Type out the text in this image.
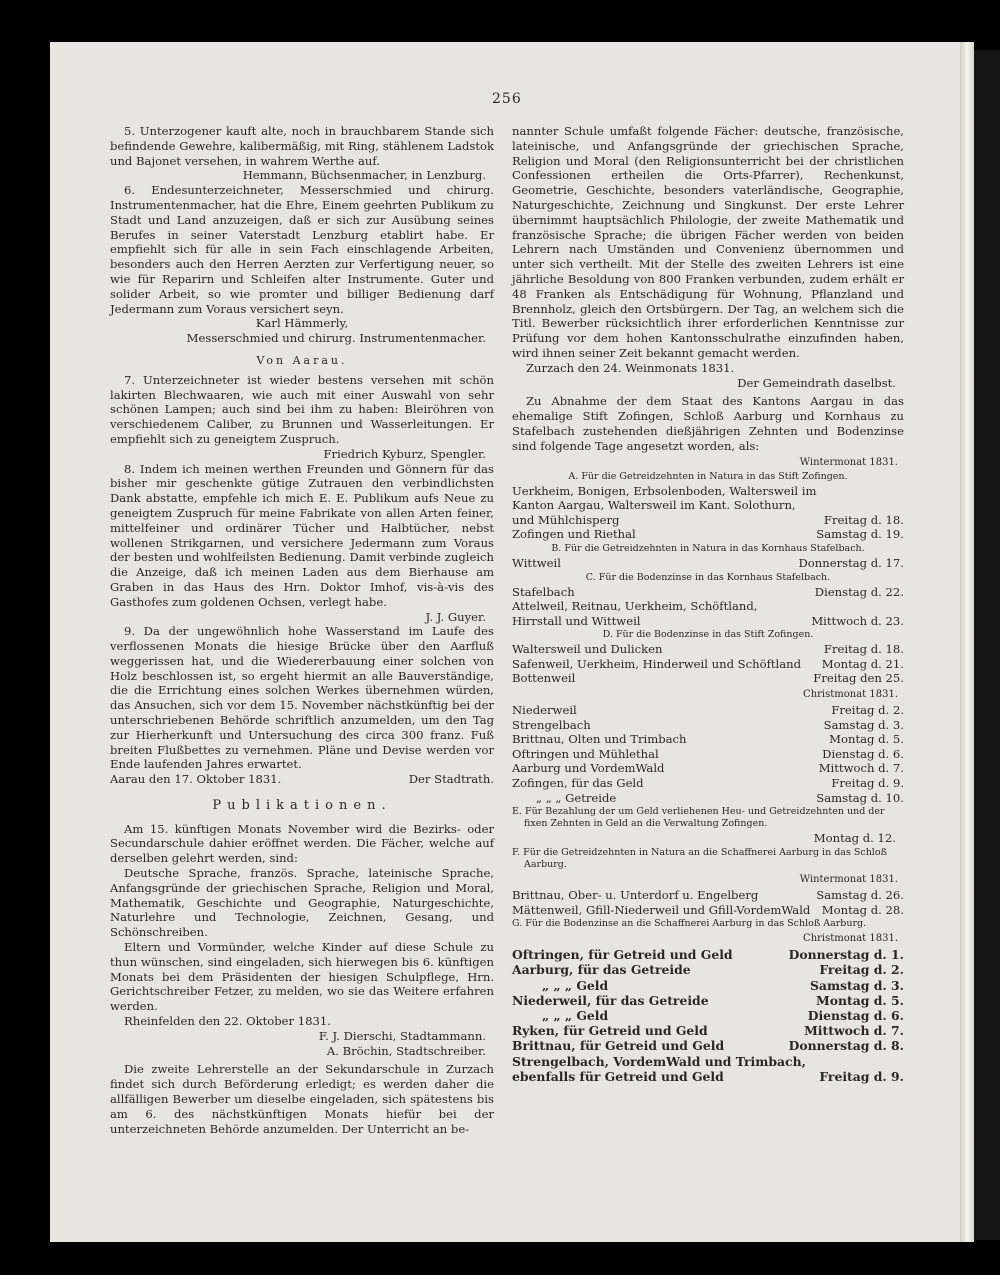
256

5. Unterzogener kauft alte, noch in brauchbarem Stande sich befindende Gewehre, kalibermäßig, mit Ring, stählenem Ladstok und Bajonet versehen, in wahrem Werthe auf.

Hemmann, Büchsenmacher, in Lenzburg.

6. Endesunterzeichneter, Messerschmied und chirurg. Instrumentenmacher, hat die Ehre, Einem geehrten Publikum zu Stadt und Land anzuzeigen, daß er sich zur Ausübung seines Berufes in seiner Vaterstadt Lenzburg etablirt habe. Er empfiehlt sich für alle in sein Fach einschlagende Arbeiten, besonders auch den Herren Aerzten zur Verfertigung neuer, so wie für Reparirn und Schleifen alter Instrumente. Guter und solider Arbeit, so wie promter und billiger Bedienung darf Jedermann zum Voraus versichert seyn.

Karl Hämmerly,

Messerschmied und chirurg. Instrumentenmacher.

Von Aarau.

7. Unterzeichneter ist wieder bestens versehen mit schön lakirten Blechwaaren, wie auch mit einer Auswahl von sehr schönen Lampen; auch sind bei ihm zu haben: Bleiröhren von verschiedenem Caliber, zu Brunnen und Wasserleitungen. Er empfiehlt sich zu geneigtem Zuspruch.

Friedrich Kyburz, Spengler.

8. Indem ich meinen werthen Freunden und Gönnern für das bisher mir geschenkte gütige Zutrauen den verbindlichsten Dank abstatte, empfehle ich mich E. E. Publikum aufs Neue zu geneigtem Zuspruch für meine Fabrikate von allen Arten feiner, mittelfeiner und ordinärer Tücher und Halbtücher, nebst wollenen Strikgarnen, und versichere Jedermann zum Voraus der besten und wohlfeilsten Bedienung. Damit verbinde zugleich die Anzeige, daß ich meinen Laden aus dem Bierhause am Graben in das Haus des Hrn. Doktor Imhof, vis-à-vis des Gasthofes zum goldenen Ochsen, verlegt habe.

J. J. Guyer.

9. Da der ungewöhnlich hohe Wasserstand im Laufe des verflossenen Monats die hiesige Brücke über den Aarfluß weggerissen hat, und die Wiedererbauung einer solchen von Holz beschlossen ist, so ergeht hiermit an alle Bauverständige, die die Errichtung eines solchen Werkes übernehmen würden, das Ansuchen, sich vor dem 15. November nächstkünftig bei der unterschriebenen Behörde schriftlich anzumelden, um den Tag zur Hierherkunft und Untersuchung des circa 300 franz. Fuß breiten Flußbettes zu vernehmen. Pläne und Devise werden vor Ende laufenden Jahres erwartet.

Aarau den 17. Oktober 1831.	Der Stadtrath.

Publikationen.

Am 15. künftigen Monats November wird die Bezirks- oder Secundarschule dahier eröffnet werden. Die Fächer, welche auf derselben gelehrt werden, sind:

Deutsche Sprache, französ. Sprache, lateinische Sprache, Anfangsgründe der griechischen Sprache, Religion und Moral, Mathematik, Geschichte und Geographie, Naturgeschichte, Naturlehre und Technologie, Zeichnen, Gesang, und Schönschreiben.

Eltern und Vormünder, welche Kinder auf diese Schule zu thun wünschen, sind eingeladen, sich hierwegen bis 6. künftigen Monats bei dem Präsidenten der hiesigen Schulpflege, Hrn. Gerichtschreiber Fetzer, zu melden, wo sie das Weitere erfahren werden.

Rheinfelden den 22. Oktober 1831.

F. J. Dierschi, Stadtammann.

A. Bröchin, Stadtschreiber.

Die zweite Lehrerstelle an der Sekundarschule in Zurzach findet sich durch Beförderung erledigt; es werden daher die allfälligen Bewerber um dieselbe eingeladen, sich spätestens bis am 6. des nächstkünftigen Monats hiefür bei der unterzeichneten Behörde anzumelden. Der Unterricht an be-

nannter Schule umfaßt folgende Fächer: deutsche, französische, lateinische, und Anfangsgründe der griechischen Sprache, Religion und Moral (den Religionsunterricht bei der christlichen Confessionen ertheilen die Orts-Pfarrer), Rechenkunst, Geometrie, Geschichte, besonders vaterländische, Geographie, Naturgeschichte, Zeichnung und Singkunst. Der erste Lehrer übernimmt hauptsächlich Philologie, der zweite Mathematik und französische Sprache; die übrigen Fächer werden von beiden Lehrern nach Umständen und Convenienz übernommen und unter sich vertheilt. Mit der Stelle des zweiten Lehrers ist eine jährliche Besoldung von 800 Franken verbunden, zudem erhält er 48 Franken als Entschädigung für Wohnung, Pflanzland und Brennholz, gleich den Ortsbürgern. Der Tag, an welchem sich die Titl. Bewerber rücksichtlich ihrer erforderlichen Kenntnisse zur Prüfung vor dem hohen Kantonsschulrathe einzufinden haben, wird ihnen seiner Zeit bekannt gemacht werden.

Zurzach den 24. Weinmonats 1831.

Der Gemeindrath daselbst.

Zu Abnahme der dem Staat des Kantons Aargau in das ehemalige Stift Zofingen, Schloß Aarburg und Kornhaus zu Stafelbach zustehenden dießjährigen Zehnten und Bodenzinse sind folgende Tage angesetzt worden, als:

Wintermonat 1831.

A. Für die Getreidzehnten in Natura in das Stift Zofingen.

Uerkheim, Bonigen, Erbsolenboden, Waltersweil im Kanton Aargau, Waltersweil im Kant. Solothurn, und Mühlchisperg	Freitag d. 18.
Zofingen und Riethal	Samstag d. 19.

B. Für die Getreidzehnten in Natura in das Kornhaus Stafelbach.

Wittweil	Donnerstag d. 17.

C. Für die Bodenzinse in das Kornhaus Stafelbach.

Stafelbach	Dienstag d. 22.
Attelweil, Reitnau, Uerkheim, Schöftland, Hirrstall und Wittweil	Mittwoch d. 23.

D. Für die Bodenzinse in das Stift Zofingen.

Waltersweil und Dulicken	Freitag d. 18.
Safenweil, Uerkheim, Hinderweil und Schöftland	Montag d. 21.
Bottenweil	Freitag den 25.

Christmonat 1831.

Niederweil	Freitag d. 2.
Strengelbach	Samstag d. 3.
Brittnau, Olten und Trimbach	Montag d. 5.
Oftringen und Mühlethal	Dienstag d. 6.
Aarburg und VordemWald	Mittwoch d. 7.
Zofingen, für das Geld	Freitag d. 9.
„ „ „ Getreide	Samstag d. 10.

E. Für Bezahlung der um Geld verliehenen Heu- und Getreidzehnten und der fixen Zehnten in Geld an die Verwaltung Zofingen.

Montag d. 12.

F. Für die Getreidzehnten in Natura an die Schaffnerei Aarburg in das Schloß Aarburg.

Wintermonat 1831.

Brittnau, Ober- u. Unterdorf u. Engelberg	Samstag d. 26.
Mättenweil, Gfill-Niederweil und Gfill-VordemWald Montag d. 28.

G. Für die Bodenzinse an die Schaffnerei Aarburg in das Schloß Aarburg.

Christmonat 1831.

Oftringen, für Getreid und Geld	Donnerstag d. 1.
Aarburg, für das Getreide	Freitag d. 2.
„ „ „ Geld	Samstag d. 3.
Niederweil, für das Getreide	Montag d. 5.
„ „ „ Geld	Dienstag d. 6.
Ryken, für Getreid und Geld	Mittwoch d. 7.
Brittnau, für Getreid und Geld	Donnerstag d. 8.
Strengelbach, VordemWald und Trimbach, ebenfalls für Getreid und Geld	Freitag d. 9.
